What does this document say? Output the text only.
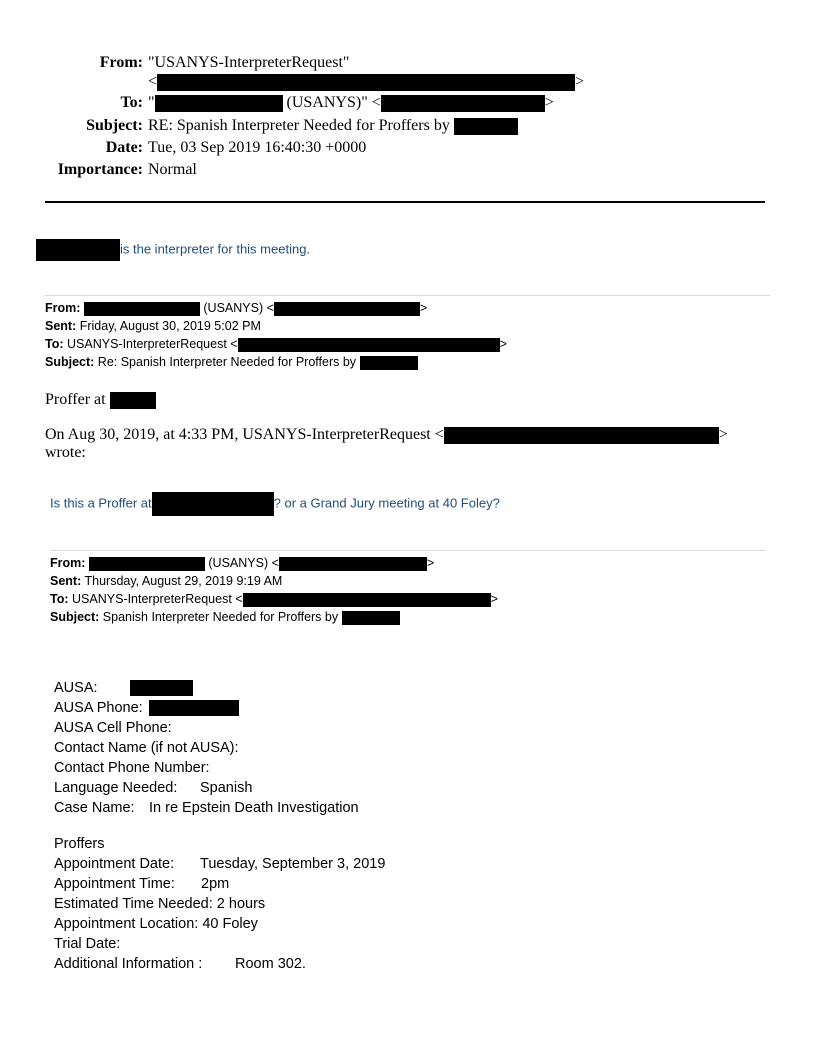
From: "USANYS-InterpreterRequest"
<	>
To: "	(USANYS)" <	>
Subject: RE: Spanish Interpreter Needed for Proffers by
Date: Tue, 03 Sep 2019 16:40:30 +0000
Importance: Normal
is the interpreter for this meeting.
From:	(USANYS) <	>
Sent: Friday, August 30, 2019 5:02 PM
To: USANYS-InterpreterRequest <	>
Subject: Re: Spanish Interpreter Needed for Proffers by
Proffer at
On Aug 30, 2019, at 4:33 PM, USANYS-InterpreterRequest <	>
wrote:
Is this a Proffer at	? or a Grand Jury meeting at 40 Foley?
From:	(USANYS) <	>
Sent: Thursday, August 29, 2019 9:19 AM
To: USANYS-InterpreterRequest <	>
Subject: Spanish Interpreter Needed for Proffers by
AUSA:
AUSA Phone:
AUSA Cell Phone:
Contact Name (if not AUSA):
Contact Phone Number:
Language Needed: Spanish
Case Name: In re Epstein Death Investigation
Proffers
Appointment Date: Tuesday, September 3, 2019
Appointment Time: 2pm
Estimated Time Needed: 2 hours
Appointment Location: 40 Foley
Trial Date:
Additional Information : Room 302.
